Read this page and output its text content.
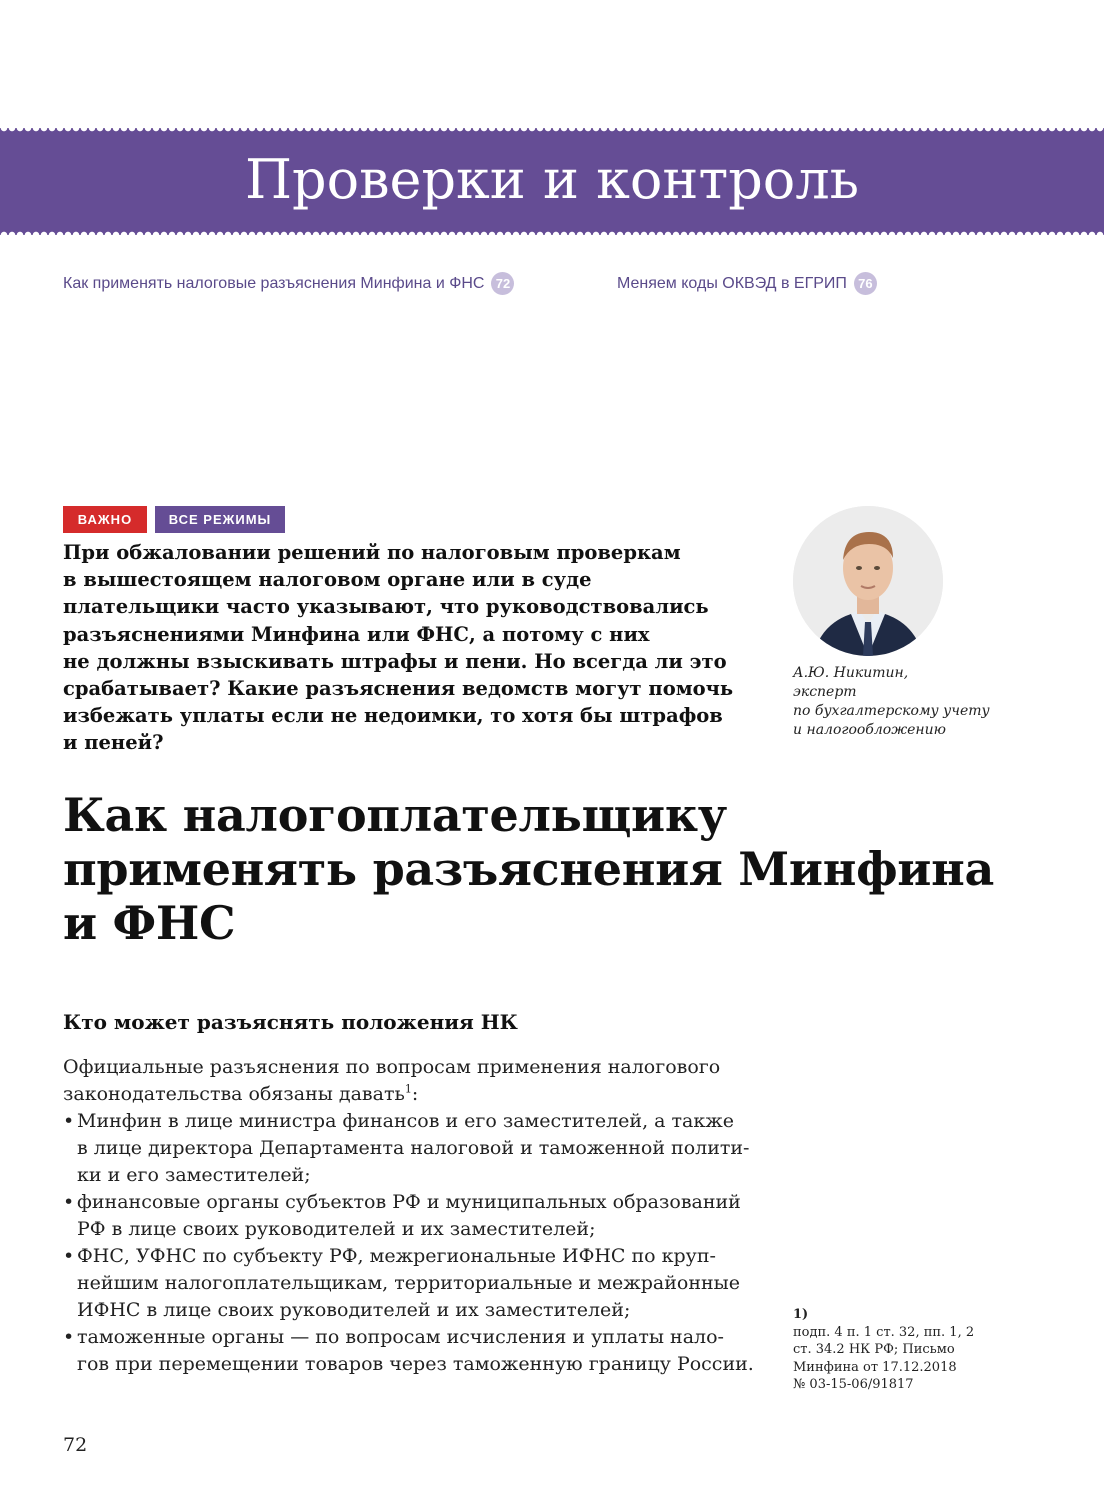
Проверки и контроль
Как применять налоговые разъяснения Минфина и ФНС 72	Меняем коды ОКВЭД в ЕГРИП 76
ВАЖНО	ВСЕ РЕЖИМЫ
При обжаловании решений по налоговым проверкам
в вышестоящем налоговом органе или в суде
плательщики часто указывают, что руководствовались
разъяснениями Минфина или ФНС, а потому с них
не должны взыскивать штрафы и пени. Но всегда ли это
срабатывает? Какие разъяснения ведомств могут помочь
избежать уплаты если не недоимки, то хотя бы штрафов
и пеней?
А.Ю. Никитин,
эксперт
по бухгалтерскому учету
и налогообложению
Как налогоплательщику
применять разъяснения Минфина
и ФНС
Кто может разъяснять положения НК
Официальные разъяснения по вопросам применения налогового
законодательства обязаны давать$^1$:
• Минфин в лице министра финансов и его заместителей, а также
в лице директора Департамента налоговой и таможенной полити-
ки и его заместителей;
• финансовые органы субъектов РФ и муниципальных образований
РФ в лице своих руководителей и их заместителей;
• ФНС, УФНС по субъекту РФ, межрегиональные ИФНС по круп-
нейшим налогоплательщикам, территориальные и межрайонные
ИФНС в лице своих руководителей и их заместителей;
• таможенные органы — по вопросам исчисления и уплаты нало-
гов при перемещении товаров через таможенную границу России.
1)
подп. 4 п. 1 ст. 32, пп. 1, 2
ст. 34.2 НК РФ; Письмо
Минфина от 17.12.2018
№ 03-15-06/91817
72
